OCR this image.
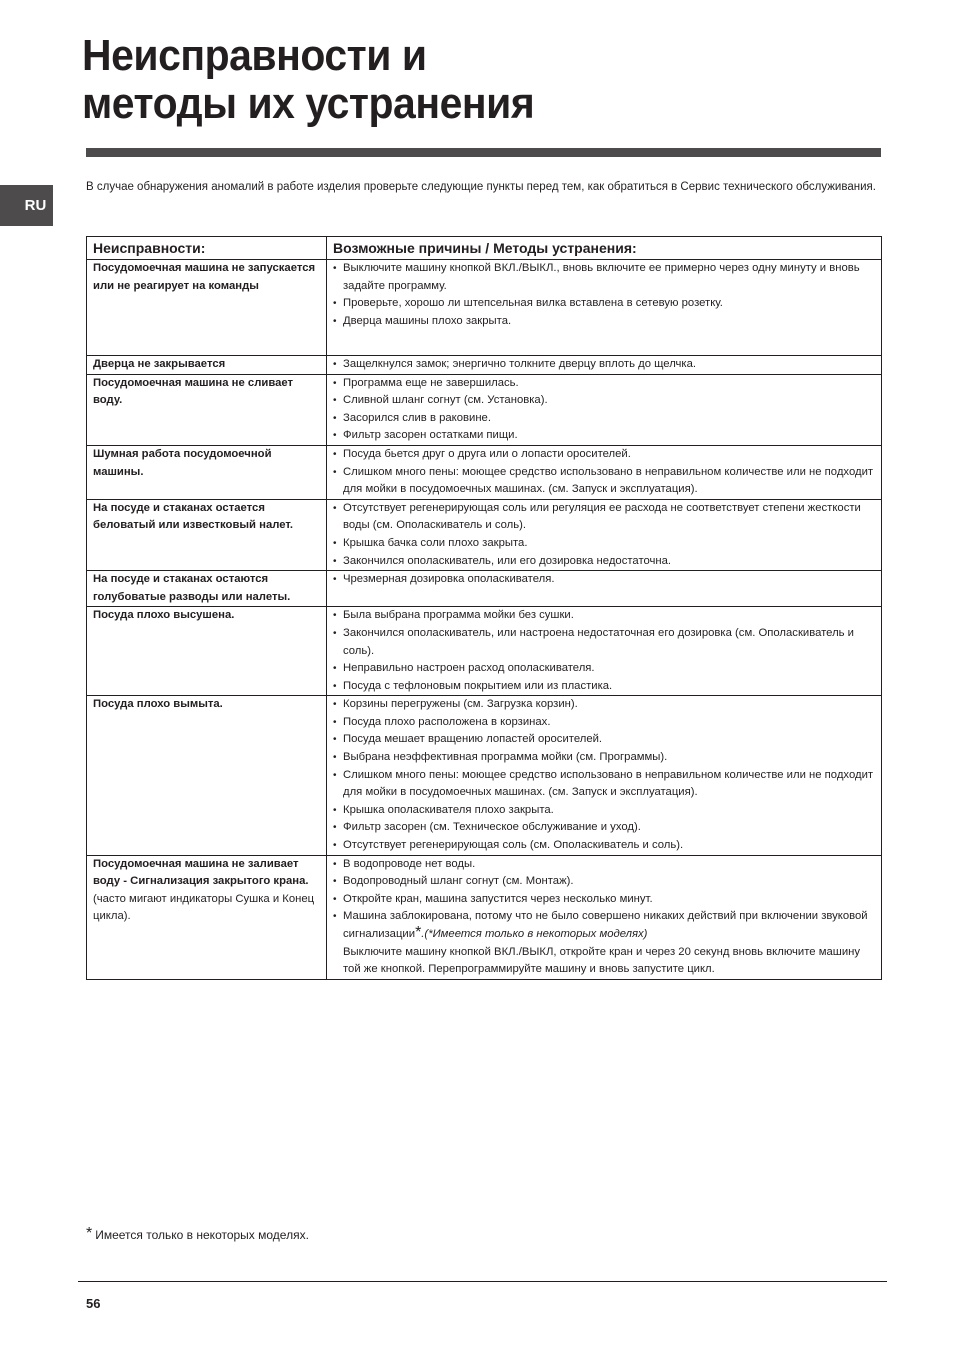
Неисправности и
методы их устранения
RU

В случае обнаружения аномалий в работе изделия проверьте следующие пункты перед тем, как обратиться в Сервис технического обслуживания.

Неисправности:	Возможные причины / Методы устранения:
Посудомоечная машина не запускается или не реагирует на команды	
• Выключите машину кнопкой ВКЛ./ВЫКЛ., вновь включите ее примерно через одну минуту и вновь задайте программу.
• Проверьте, хорошо ли штепсельная вилка вставлена в сетевую розетку.
• Дверца машины плохо закрыта.

Дверца не закрывается	
•Защелкнулся замок; энергично толкните дверцу вплоть до щелчка.

Посудомоечная машина не сливает воду.	
• Программа еще не завершилась.
• Сливной шланг согнут (см. Установка).
• Засорился слив в раковине.
• Фильтр засорен остатками пищи.

Шумная работа посудомоечной машины.	
• Посуда бьется друг о друга или о лопасти оросителей.
• Слишком много пены: моющее средство использовано в неправильном количестве или не подходит для мойки в посудомоечных машинах. (см. Запуск и эксплуатация).

На посуде и стаканах остается беловатый или известковый налет.	
• Отсутствует регенерирующая соль или регуляция ее расхода не соответствует степени жесткости воды (см. Ополаскиватель и соль).
• Крышка бачка соли плохо закрыта.
• Закончился ополаскиватель, или его дозировка недостаточна.

На посуде и стаканах остаются голубоватые разводы или налеты.	
• Чрезмерная дозировка ополаскивателя.

Посуда плохо высушена.	
•Была выбрана программа мойки без сушки.
• Закончился ополаскиватель, или настроена недостаточная его дозировка (см. Ополаскиватель и соль).
• Неправильно настроен расход ополаскивателя.
• Посуда с тефлоновым покрытием или из пластика.

Посуда плохо вымыта.	
•Корзины перегружены (см. Загрузка корзин).
• Посуда плохо расположена в корзинах.
• Посуда мешает вращению лопастей оросителей.
• Выбрана неэффективная программа мойки (см. Программы).
• Слишком много пены: моющее средство использовано в неправильном количестве или не подходит для мойки в посудомоечных машинах. (см. Запуск и эксплуатация).
• Крышка ополаскивателя плохо закрыта.
• Фильтр засорен (см. Техническое обслуживание и уход).
• Отсутствует регенерирующая соль (см. Ополаскиватель и соль).

Посудомоечная машина не заливает воду - Сигнализация закрытого крана.
(часто мигают индикаторы Сушка и Конец цикла).

• В водопроводе нет воды.
• Водопроводный шланг согнут (см. Монтаж).
• Откройте кран, машина запустится через несколько минут.
• Машина заблокирована, потому что не было совершено никаких действий при включении звуковой сигнализации*.(*Имеется только в некоторых моделях)
Выключите машину кнопкой ВКЛ./ВЫКЛ, откройте кран и через 20 секунд вновь включите машину той же кнопкой. Перепрограммируйте машину и вновь запустите цикл.

* Имеется только в некоторых моделях.

56
